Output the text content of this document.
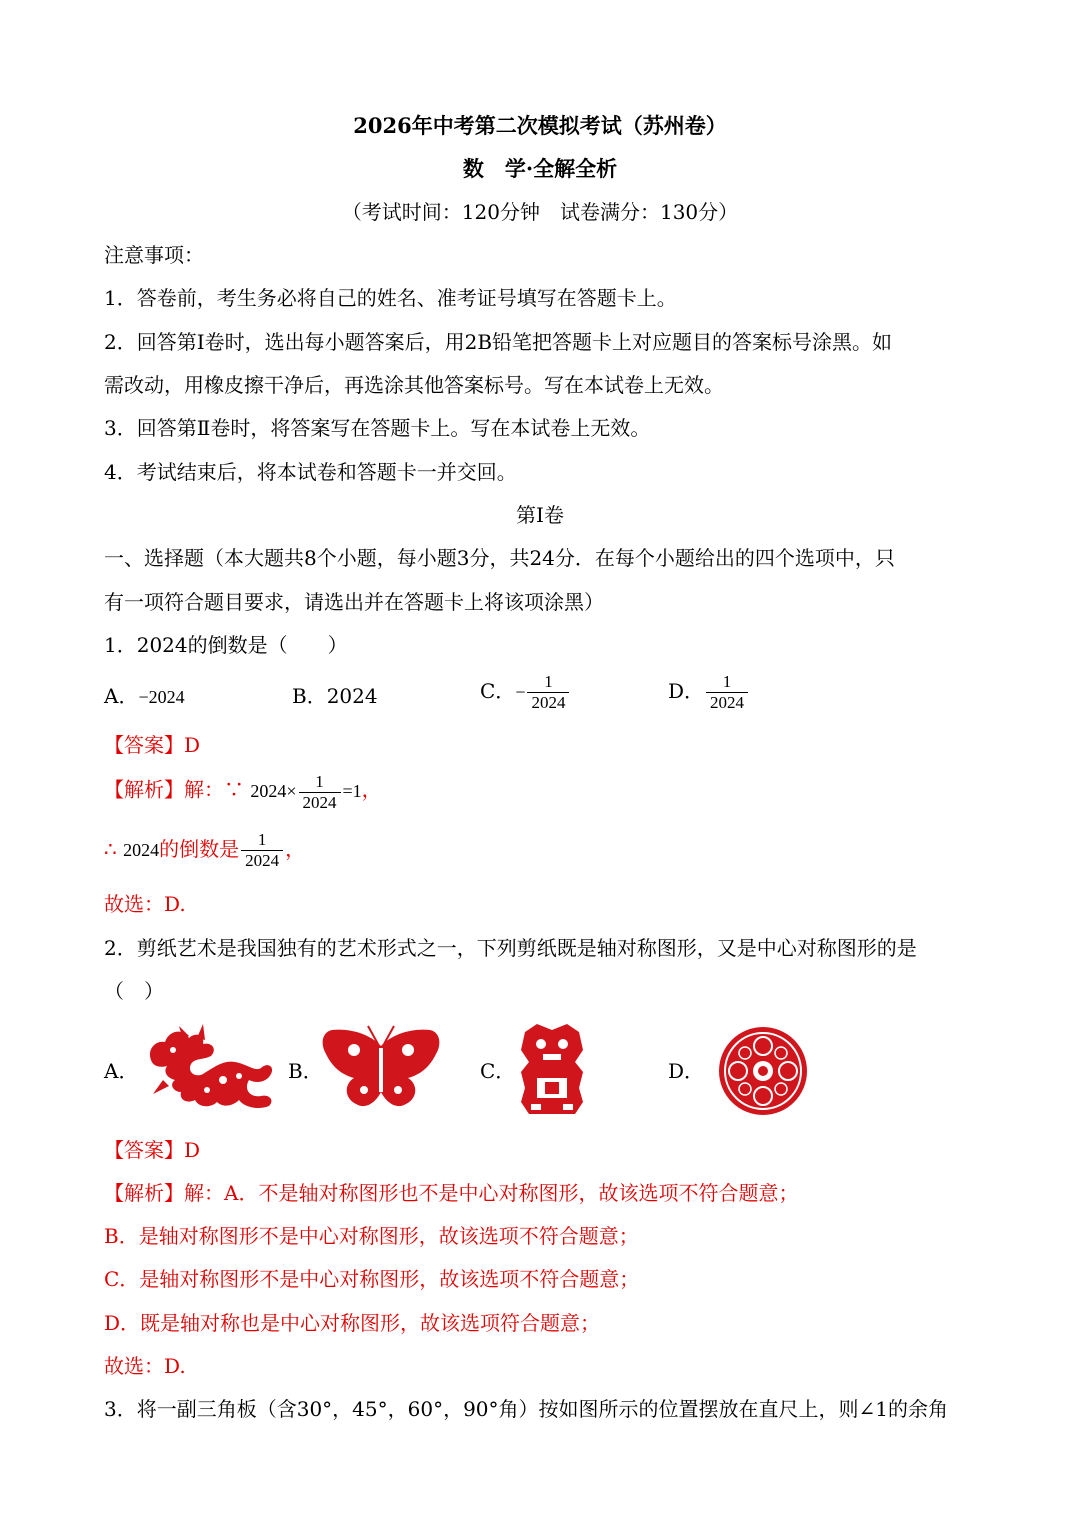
2026年中考第二次模拟考试（苏州卷）
数　学·全解全析
（考试时间：120分钟　试卷满分：130分）
注意事项：
1．答卷前，考生务必将自己的姓名、准考证号填写在答题卡上。
2．回答第Ⅰ卷时，选出每小题答案后，用2B铅笔把答题卡上对应题目的答案标号涂黑。如
需改动，用橡皮擦干净后，再选涂其他答案标号。写在本试卷上无效。
3．回答第Ⅱ卷时，将答案写在答题卡上。写在本试卷上无效。
4．考试结束后，将本试卷和答题卡一并交回。
第Ⅰ卷
一、选择题（本大题共8个小题，每小题3分，共24分．在每个小题给出的四个选项中，只
有一项符合题目要求，请选出并在答题卡上将该项涂黑）
1．2024的倒数是（　　）
A．−2024	B．2024	C．− $\frac{1}{2024}$	D． $\frac{1}{2024}$
【答案】D
【解析】解：∵ $2024\times \frac{1}{2024} =1$，
∴ 2024的倒数是 $\frac{1}{2024}$ ，
故选：D.
2．剪纸艺术是我国独有的艺术形式之一，下列剪纸既是轴对称图形，又是中心对称图形的是
（　）
A．	B．	C．	D．
【答案】D
【解析】解：A．不是轴对称图形也不是中心对称图形，故该选项不符合题意；
B．是轴对称图形不是中心对称图形，故该选项不符合题意；
C．是轴对称图形不是中心对称图形，故该选项不符合题意；
D．既是轴对称也是中心对称图形，故该选项符合题意；
故选：D.
3．将一副三角板（含30°，45°，60°，90°角）按如图所示的位置摆放在直尺上，则∠1的余角
